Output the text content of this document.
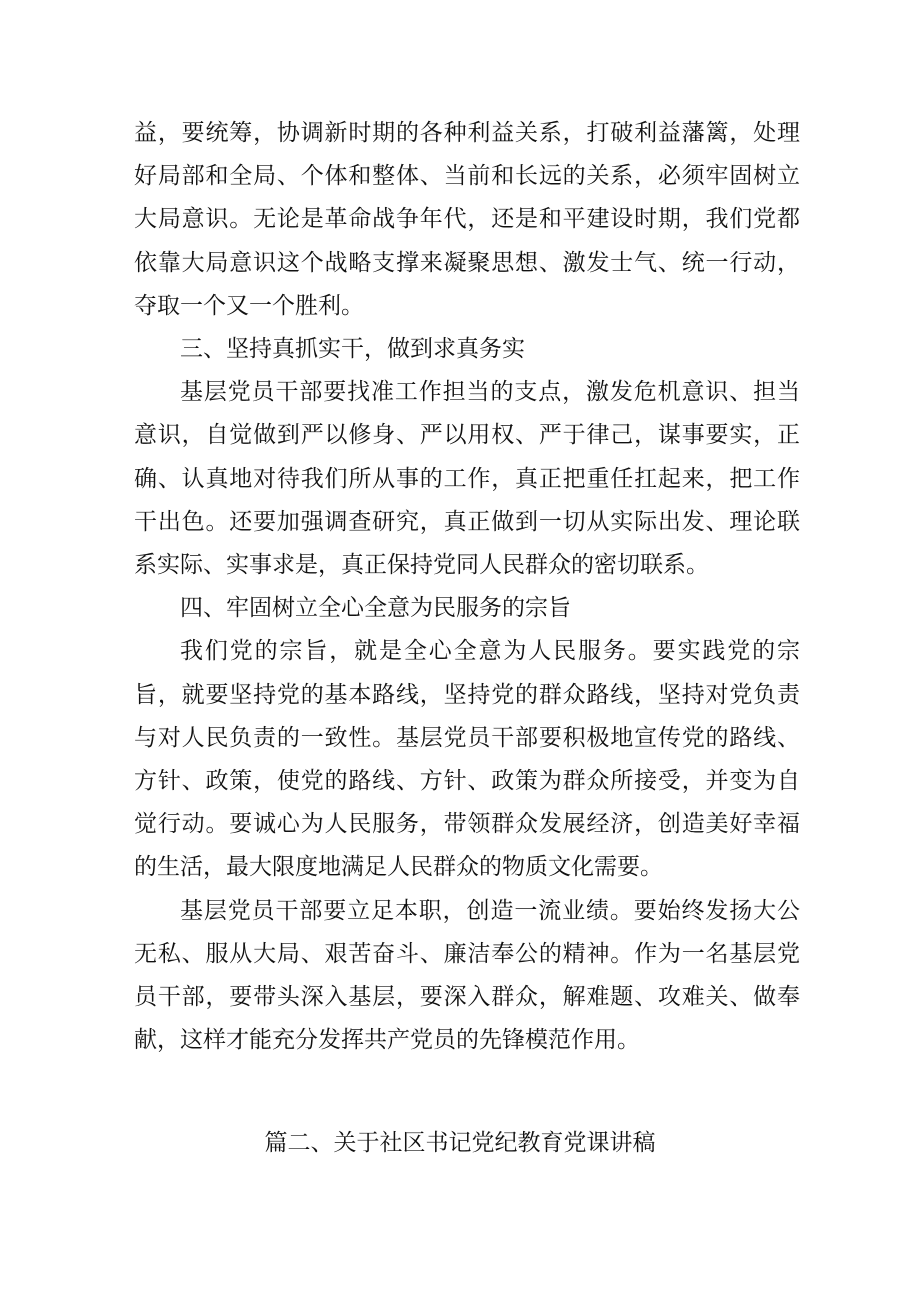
益，要统筹，协调新时期的各种利益关系，打破利益藩篱，处理好局部和全局、个体和整体、当前和长远的关系，必须牢固树立大局意识。无论是革命战争年代，还是和平建设时期，我们党都依靠大局意识这个战略支撑来凝聚思想、激发士气、统一行动，夺取一个又一个胜利。

三、坚持真抓实干，做到求真务实

基层党员干部要找准工作担当的支点，激发危机意识、担当意识，自觉做到严以修身、严以用权、严于律己，谋事要实，正确、认真地对待我们所从事的工作，真正把重任扛起来，把工作干出色。还要加强调查研究，真正做到一切从实际出发、理论联系实际、实事求是，真正保持党同人民群众的密切联系。

四、牢固树立全心全意为民服务的宗旨

我们党的宗旨，就是全心全意为人民服务。要实践党的宗旨，就要坚持党的基本路线，坚持党的群众路线，坚持对党负责与对人民负责的一致性。基层党员干部要积极地宣传党的路线、方针、政策，使党的路线、方针、政策为群众所接受，并变为自觉行动。要诚心为人民服务，带领群众发展经济，创造美好幸福的生活，最大限度地满足人民群众的物质文化需要。

基层党员干部要立足本职，创造一流业绩。要始终发扬大公无私、服从大局、艰苦奋斗、廉洁奉公的精神。作为一名基层党员干部，要带头深入基层，要深入群众，解难题、攻难关、做奉献，这样才能充分发挥共产党员的先锋模范作用。

篇二、关于社区书记党纪教育党课讲稿
